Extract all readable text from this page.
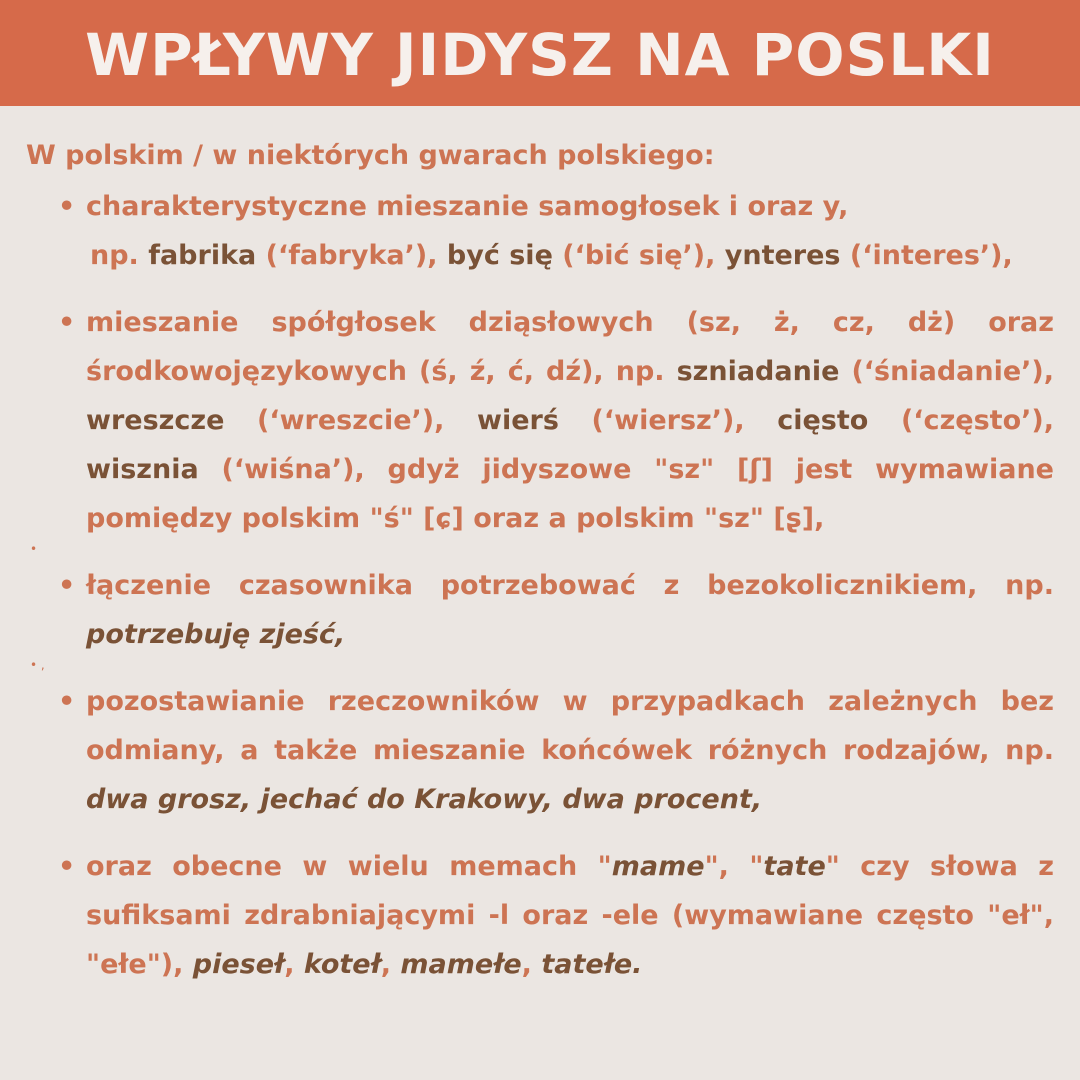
WPŁYWY JIDYSZ NA POSLKI
W polskim / w niektórych gwarach polskiego:
• charakterystyczne mieszanie samogłosek i oraz y,
np. fabrika (‘fabryka’), być się (‘bić się’), ynteres (‘interes’),
• mieszanie spółgłosek dziąsłowych (sz, ż, cz, dż) oraz środkowojęzykowych (ś, ź, ć, dź), np. szniadanie (‘śniadanie’), wreszcze (‘wreszcie’), wierś (‘wiersz’), cięsto (‘często’), wisznia (‘wiśna’), gdyż jidyszowe "sz" [ʃ] jest wymawiane pomiędzy polskim "ś" [ɕ] oraz a polskim "sz" [ʂ],
• łączenie czasownika potrzebować z bezokolicznikiem, np. potrzebuję zjeść,
• pozostawianie rzeczowników w przypadkach zależnych bez odmiany, a także mieszanie końcówek różnych rodzajów, np. dwa grosz, jechać do Krakowy, dwa procent,
• oraz obecne w wielu memach "mame", "tate" czy słowa z sufiksami zdrabniającymi -l oraz -ele (wymawiane często "eł", "ełe"), pieseł, koteł, mamełe, tatełe.
•
• ,
